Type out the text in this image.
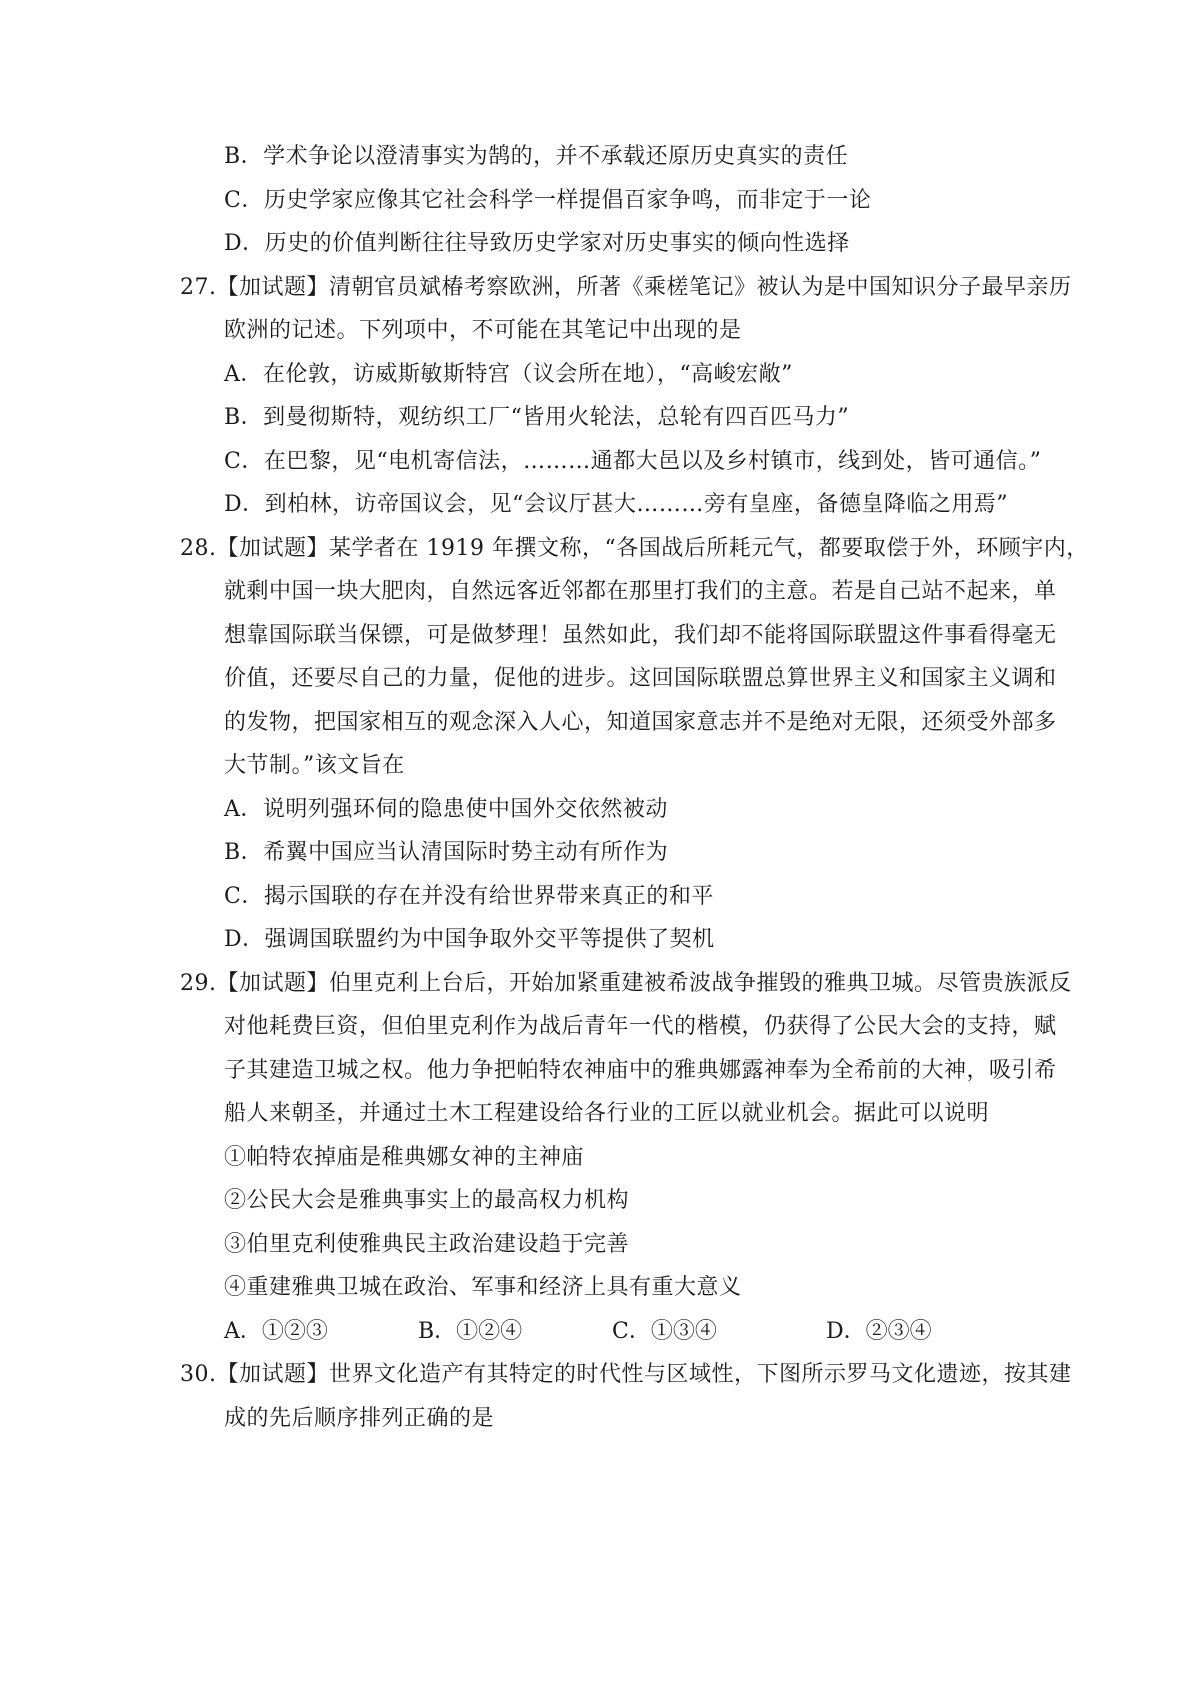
B．学术争论以澄清事实为鹄的，并不承载还原历史真实的责任
C．历史学家应像其它社会科学一样提倡百家争鸣，而非定于一论
D．历史的价值判断往往导致历史学家对历史事实的倾向性选择
27.【加试题】清朝官员斌椿考察欧洲，所著《乘槎笔记》被认为是中国知识分子最早亲历
欧洲的记述。下列项中，不可能在其笔记中出现的是
A．在伦敦，访威斯敏斯特宫（议会所在地），“高峻宏敞”
B．到曼彻斯特，观纺织工厂“皆用火轮法，总轮有四百匹马力”
C．在巴黎，见“电机寄信法，………通都大邑以及乡村镇市，线到处，皆可通信。”
D．到柏林，访帝国议会，见“会议厅甚大………旁有皇座，备德皇降临之用焉”
28.【加试题】某学者在 1919 年撰文称，“各国战后所耗元气，都要取偿于外，环顾宇内，
就剩中国一块大肥肉，自然远客近邻都在那里打我们的主意。若是自己站不起来，单
想靠国际联当保镖，可是做梦理！虽然如此，我们却不能将国际联盟这件事看得毫无
价值，还要尽自己的力量，促他的进步。这回国际联盟总算世界主义和国家主义调和
的发物，把国家相互的观念深入人心，知道国家意志并不是绝对无限，还须受外部多
大节制。”该文旨在
A．说明列强环伺的隐患使中国外交依然被动
B．希翼中国应当认清国际时势主动有所作为
C．揭示国联的存在并没有给世界带来真正的和平
D．强调国联盟约为中国争取外交平等提供了契机
29.【加试题】伯里克利上台后，开始加紧重建被希波战争摧毁的雅典卫城。尽管贵族派反
对他耗费巨资，但伯里克利作为战后青年一代的楷模，仍获得了公民大会的支持，赋
子其建造卫城之权。他力争把帕特农神庙中的雅典娜露神奉为全希前的大神，吸引希
船人来朝圣，并通过土木工程建设给各行业的工匠以就业机会。据此可以说明
①帕特农掉庙是稚典娜女神的主神庙
②公民大会是雅典事实上的最高权力机构
③伯里克利使雅典民主政治建设趋于完善
④重建雅典卫城在政治、军事和经济上具有重大意义
A．①②③	B．①②④	C．①③④	D．②③④
30.【加试题】世界文化造产有其特定的时代性与区域性，下图所示罗马文化遗迹，按其建
成的先后顺序排列正确的是
